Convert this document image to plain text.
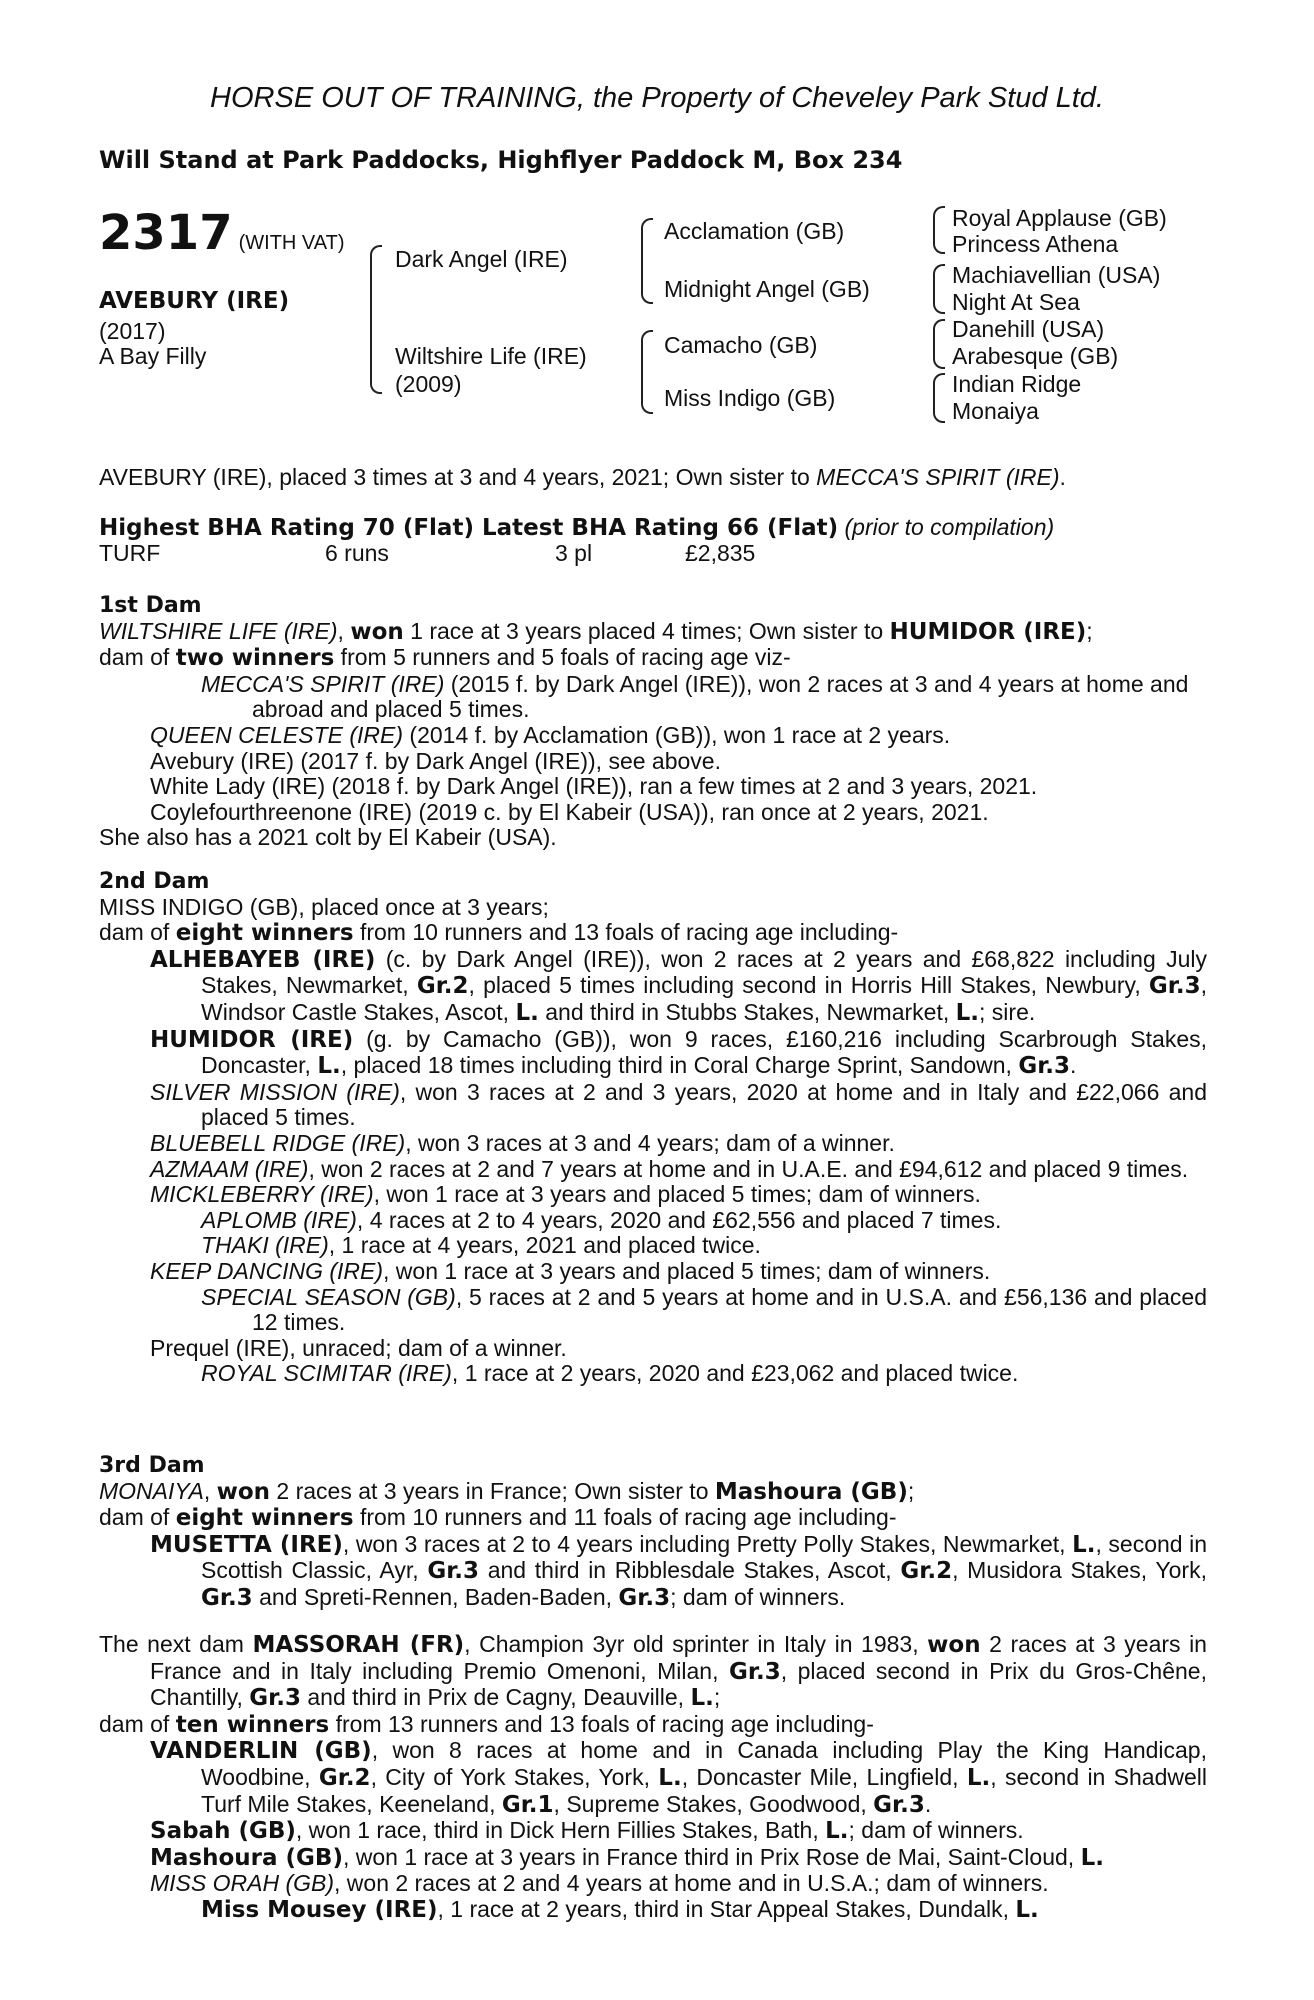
HORSE OUT OF TRAINING, the Property of Cheveley Park Stud Ltd.
Will Stand at Park Paddocks, Highflyer Paddock M, Box 234
2317 (WITH VAT)
AVEBURY (IRE)
(2017)
A Bay Filly
Dark Angel (IRE)
Wiltshire Life (IRE)
(2009)
Acclamation (GB)
Midnight Angel (GB)
Camacho (GB)
Miss Indigo (GB)
Royal Applause (GB)
Princess Athena
Machiavellian (USA)
Night At Sea
Danehill (USA)
Arabesque (GB)
Indian Ridge
Monaiya

AVEBURY (IRE), placed 3 times at 3 and 4 years, 2021; Own sister to MECCA'S SPIRIT (IRE).

Highest BHA Rating 70 (Flat) Latest BHA Rating 66 (Flat) (prior to compilation)

TURF	6 runs	3 pl	£2,835

1st Dam

WILTSHIRE LIFE (IRE), won 1 race at 3 years placed 4 times; Own sister to HUMIDOR (IRE);

dam of two winners from 5 runners and 5 foals of racing age viz-

MECCA'S SPIRIT (IRE) (2015 f. by Dark Angel (IRE)), won 2 races at 3 and 4 years at home and abroad and placed 5 times.

QUEEN CELESTE (IRE) (2014 f. by Acclamation (GB)), won 1 race at 2 years.

Avebury (IRE) (2017 f. by Dark Angel (IRE)), see above.

White Lady (IRE) (2018 f. by Dark Angel (IRE)), ran a few times at 2 and 3 years, 2021.

Coylefourthreenone (IRE) (2019 c. by El Kabeir (USA)), ran once at 2 years, 2021.

She also has a 2021 colt by El Kabeir (USA).

2nd Dam

MISS INDIGO (GB), placed once at 3 years;

dam of eight winners from 10 runners and 13 foals of racing age including-

ALHEBAYEB (IRE) (c. by Dark Angel (IRE)), won 2 races at 2 years and £68,822 including July Stakes, Newmarket, Gr.2, placed 5 times including second in Horris Hill Stakes, Newbury, Gr.3, Windsor Castle Stakes, Ascot, L. and third in Stubbs Stakes, Newmarket, L.; sire.

HUMIDOR (IRE) (g. by Camacho (GB)), won 9 races, £160,216 including Scarbrough Stakes, Doncaster, L., placed 18 times including third in Coral Charge Sprint, Sandown, Gr.3.

SILVER MISSION (IRE), won 3 races at 2 and 3 years, 2020 at home and in Italy and £22,066 and placed 5 times.

BLUEBELL RIDGE (IRE), won 3 races at 3 and 4 years; dam of a winner.

AZMAAM (IRE), won 2 races at 2 and 7 years at home and in U.A.E. and £94,612 and placed 9 times.

MICKLEBERRY (IRE), won 1 race at 3 years and placed 5 times; dam of winners.

APLOMB (IRE), 4 races at 2 to 4 years, 2020 and £62,556 and placed 7 times.

THAKI (IRE), 1 race at 4 years, 2021 and placed twice.

KEEP DANCING (IRE), won 1 race at 3 years and placed 5 times; dam of winners.

SPECIAL SEASON (GB), 5 races at 2 and 5 years at home and in U.S.A. and £56,136 and placed 12 times.

Prequel (IRE), unraced; dam of a winner.

ROYAL SCIMITAR (IRE), 1 race at 2 years, 2020 and £23,062 and placed twice.

3rd Dam

MONAIYA, won 2 races at 3 years in France; Own sister to Mashoura (GB);

dam of eight winners from 10 runners and 11 foals of racing age including-

MUSETTA (IRE), won 3 races at 2 to 4 years including Pretty Polly Stakes, Newmarket, L., second in Scottish Classic, Ayr, Gr.3 and third in Ribblesdale Stakes, Ascot, Gr.2, Musidora Stakes, York, Gr.3 and Spreti-Rennen, Baden-Baden, Gr.3; dam of winners.

The next dam MASSORAH (FR), Champion 3yr old sprinter in Italy in 1983, won 2 races at 3 years in France and in Italy including Premio Omenoni, Milan, Gr.3, placed second in Prix du Gros-Chêne, Chantilly, Gr.3 and third in Prix de Cagny, Deauville, L.;

dam of ten winners from 13 runners and 13 foals of racing age including-

VANDERLIN (GB), won 8 races at home and in Canada including Play the King Handicap, Woodbine, Gr.2, City of York Stakes, York, L., Doncaster Mile, Lingfield, L., second in Shadwell Turf Mile Stakes, Keeneland, Gr.1, Supreme Stakes, Goodwood, Gr.3.

Sabah (GB), won 1 race, third in Dick Hern Fillies Stakes, Bath, L.; dam of winners.

Mashoura (GB), won 1 race at 3 years in France third in Prix Rose de Mai, Saint-Cloud, L.

MISS ORAH (GB), won 2 races at 2 and 4 years at home and in U.S.A.; dam of winners.

Miss Mousey (IRE), 1 race at 2 years, third in Star Appeal Stakes, Dundalk, L.
